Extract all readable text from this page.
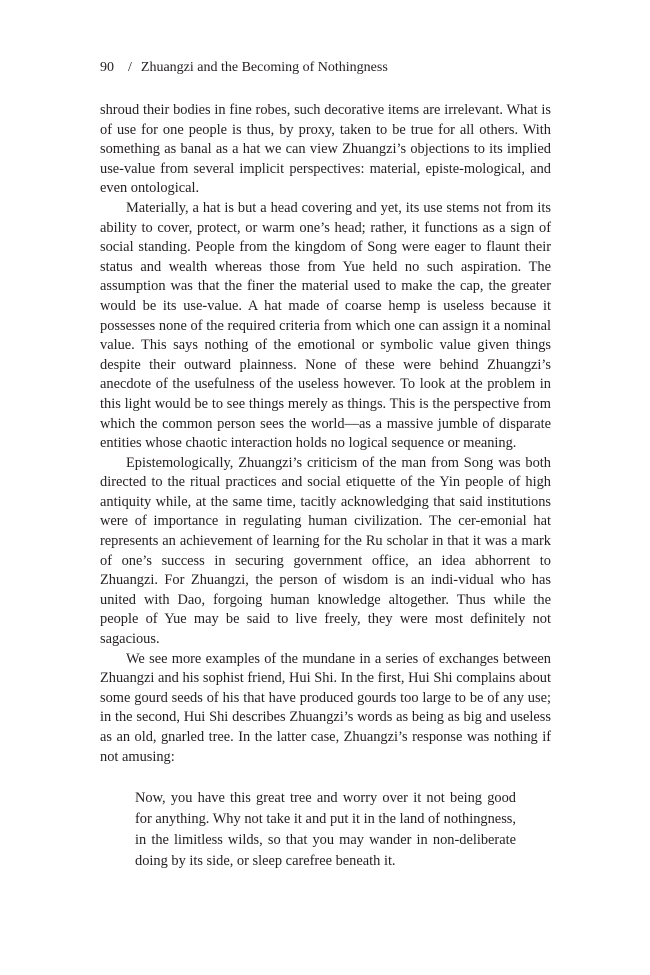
90 / Zhuangzi and the Becoming of Nothingness

shroud their bodies in fine robes, such decorative items are irrelevant. What is of use for one people is thus, by proxy, taken to be true for all others. With something as banal as a hat we can view Zhuangzi’s objections to its implied use-value from several implicit perspectives: material, episte-mological, and even ontological.

Materially, a hat is but a head covering and yet, its use stems not from its ability to cover, protect, or warm one’s head; rather, it functions as a sign of social standing. People from the kingdom of Song were eager to flaunt their status and wealth whereas those from Yue held no such aspiration. The assumption was that the finer the material used to make the cap, the greater would be its use-value. A hat made of coarse hemp is useless because it possesses none of the required criteria from which one can assign it a nominal value. This says nothing of the emotional or symbolic value given things despite their outward plainness. None of these were behind Zhuangzi’s anecdote of the usefulness of the useless however. To look at the problem in this light would be to see things merely as things. This is the perspective from which the common person sees the world—as a massive jumble of disparate entities whose chaotic interaction holds no logical sequence or meaning.

Epistemologically, Zhuangzi’s criticism of the man from Song was both directed to the ritual practices and social etiquette of the Yin people of high antiquity while, at the same time, tacitly acknowledging that said institutions were of importance in regulating human civilization. The cer-emonial hat represents an achievement of learning for the Ru scholar in that it was a mark of one’s success in securing government office, an idea abhorrent to Zhuangzi. For Zhuangzi, the person of wisdom is an indi-vidual who has united with Dao, forgoing human knowledge altogether. Thus while the people of Yue may be said to live freely, they were most definitely not sagacious.

We see more examples of the mundane in a series of exchanges between Zhuangzi and his sophist friend, Hui Shi. In the first, Hui Shi complains about some gourd seeds of his that have produced gourds too large to be of any use; in the second, Hui Shi describes Zhuangzi’s words as being as big and useless as an old, gnarled tree. In the latter case, Zhuangzi’s response was nothing if not amusing:

Now, you have this great tree and worry over it not being good for anything. Why not take it and put it in the land of nothingness, in the limitless wilds, so that you may wander in non-deliberate doing by its side, or sleep carefree beneath it.
